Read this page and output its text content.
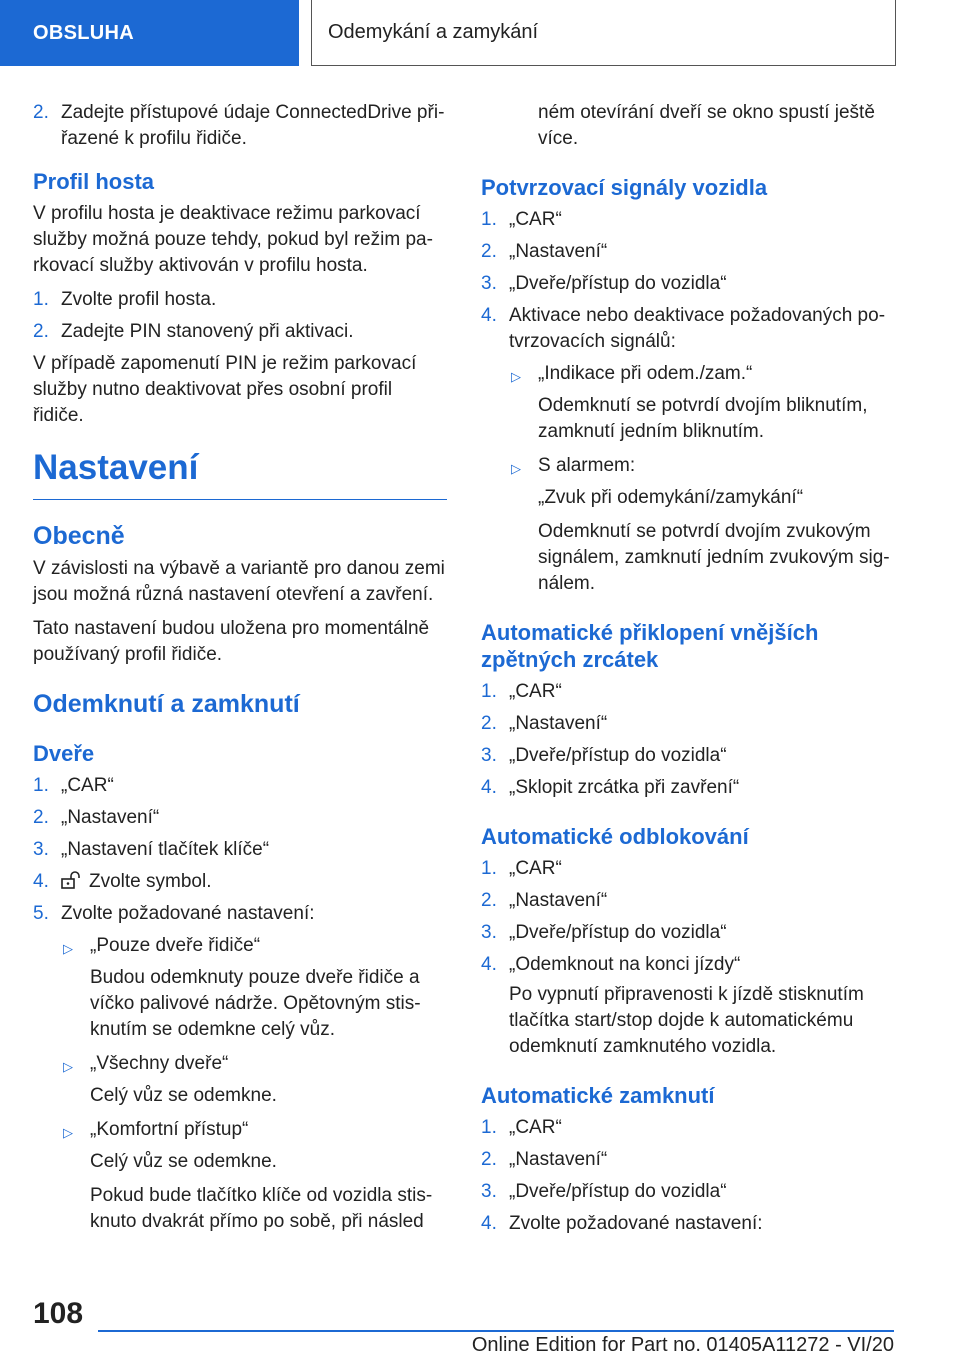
OBSLUHA	Odemykání a zamykání
2. Zadejte přístupové údaje ConnectedDrive přiřazené k profilu řidiče.
Profil hosta

V profilu hosta je deaktivace režimu parkovací služby možná pouze tehdy, pokud byl režim parkovací služby aktivován v profilu hosta.

1. Zvolte profil hosta.
2. Zadejte PIN stanovený při aktivaci.

V případě zapomenutí PIN je režim parkovací služby nutno deaktivovat přes osobní profil řidiče.

Nastavení
Obecně

V závislosti na výbavě a variantě pro danou zemi jsou možná různá nastavení otevření a zavření.

Tato nastavení budou uložena pro momentálně používaný profil řidiče.

Odemknutí a zamknutí
Dveře
1. „CAR“
2. „Nastavení“
3. „Nastavení tlačítek klíče“
4. Zvolte symbol.
5. Zvolte požadované nastavení:
▷ „Pouze dveře řidiče“
Budou odemknuty pouze dveře řidiče a víčko palivové nádrže. Opětovným stisknutím se odemkne celý vůz.
▷ „Všechny dveře“
Celý vůz se odemkne.
▷ „Komfortní přístup“
Celý vůz se odemkne.
Pokud bude tlačítko klíče od vozidla stisknuto dvakrát přímo po sobě, při násled
ném otevírání dveří se okno spustí ještě více.
Potvrzovací signály vozidla
1. „CAR“
2. „Nastavení“
3. „Dveře/přístup do vozidla“
4. Aktivace nebo deaktivace požadovaných potvrzovacích signálů:
▷ „Indikace při odem./zam.“
Odemknutí se potvrdí dvojím bliknutím, zamknutí jedním bliknutím.
▷ S alarmem:
„Zvuk při odemykání/zamykání“
Odemknutí se potvrdí dvojím zvukovým signálem, zamknutí jedním zvukovým signálem.
Automatické přiklopení vnějších zpětných zrcátek
1. „CAR“
2. „Nastavení“
3. „Dveře/přístup do vozidla“
4. „Sklopit zrcátka při zavření“
Automatické odblokování
1. „CAR“
2. „Nastavení“
3. „Dveře/přístup do vozidla“
4. „Odemknout na konci jízdy“
Po vypnutí připravenosti k jízdě stisknutím tlačítka start/stop dojde k automatickému odemknutí zamknutého vozidla.
Automatické zamknutí
1. „CAR“
2. „Nastavení“
3. „Dveře/přístup do vozidla“
4. Zvolte požadované nastavení:
108
Online Edition for Part no. 01405A11272 - VI/20
